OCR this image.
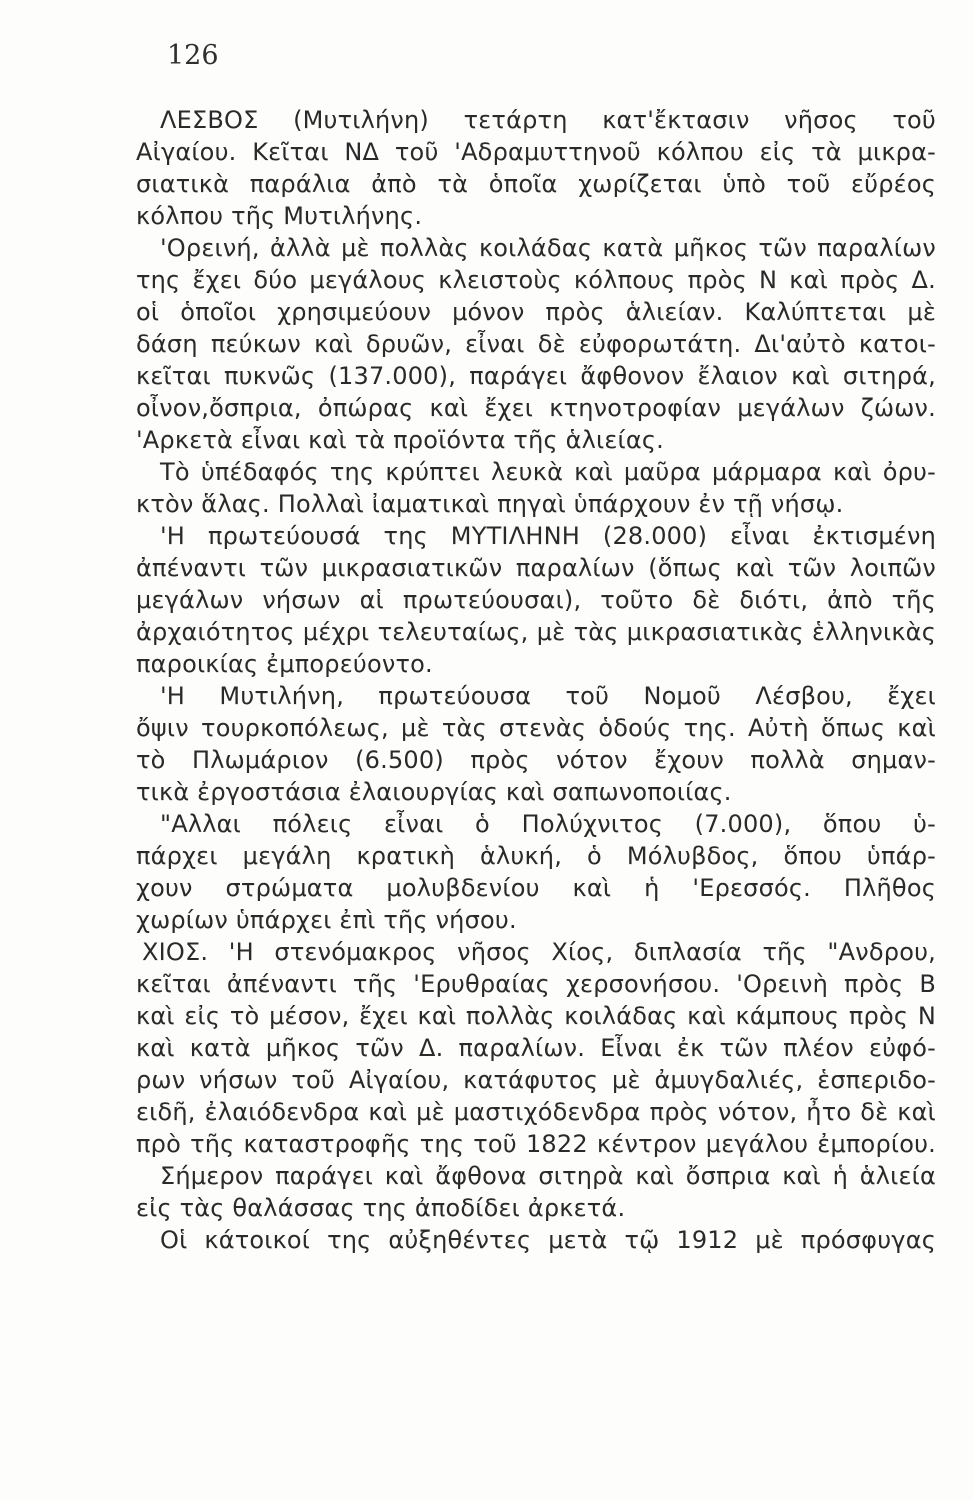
126
ΛΕΣΒΟΣ (Μυτιλήνη) τετάρτη κατ'ἔκτασιν νῆσος τοῦ
Αἰγαίου. Κεῖται ΝΔ τοῦ 'Αδραμυττηνοῦ κόλπου εἰς τὰ μικρα-
σιατικὰ παράλια ἀπὸ τὰ ὁποῖα χωρίζεται ὑπὸ τοῦ εὔρέος
κόλπου τῆς Μυτιλήνης.
'Ορεινή, ἀλλὰ μὲ πολλὰς κοιλάδας κατὰ μῆκος τῶν παραλίων
της ἔχει δύο μεγάλους κλειστοὺς κόλπους πρὸς Ν καὶ πρὸς Δ.
οἱ ὁποῖοι χρησιμεύουν μόνον πρὸς ἁλιείαν. Καλύπτεται μὲ
δάση πεύκων καὶ δρυῶν, εἶναι δὲ εὐφορωτάτη. Δι'αὐτὸ κατοι-
κεῖται πυκνῶς (137.000), παράγει ἄφθονον ἔλαιον καὶ σιτηρά,
οἶνον,ὄσπρια, ὀπώρας καὶ ἔχει κτηνοτροφίαν μεγάλων ζώων.
'Αρκετὰ εἶναι καὶ τὰ προϊόντα τῆς ἁλιείας.
Τὸ ὑπέδαφός της κρύπτει λευκὰ καὶ μαῦρα μάρμαρα καὶ ὀρυ-
κτὸν ἅλας. Πολλαὶ ἰαματικαὶ πηγαὶ ὑπάρχουν ἐν τῇ νήσῳ.
'Η πρωτεύουσά της ΜΥΤΙΛΗΝΗ (28.000) εἶναι ἐκτισμένη
ἀπέναντι τῶν μικρασιατικῶν παραλίων (ὅπως καὶ τῶν λοιπῶν
μεγάλων νήσων αἱ πρωτεύουσαι), τοῦτο δὲ διότι, ἀπὸ τῆς
ἀρχαιότητος μέχρι τελευταίως, μὲ τὰς μικρασιατικὰς ἑλληνικὰς
παροικίας ἐμπορεύοντο.
'Η Μυτιλήνη, πρωτεύουσα τοῦ Νομοῦ Λέσβου, ἔχει
ὄψιν τουρκοπόλεως, μὲ τὰς στενὰς ὁδούς της. Αὐτὴ ὅπως καὶ
τὸ Πλωμάριον (6.500) πρὸς νότον ἔχουν πολλὰ σημαν-
τικὰ ἐργοστάσια ἐλαιουργίας καὶ σαπωνοποιίας.
"Αλλαι πόλεις εἶναι ὁ Πολύχνιτος (7.000), ὅπου ὑ-
πάρχει μεγάλη κρατικὴ ἁλυκή, ὁ Μόλυβδος, ὅπου ὑπάρ-
χουν στρώματα μολυβδενίου καὶ ἡ 'Ερεσσός. Πλῆθος
χωρίων ὑπάρχει ἐπὶ τῆς νήσου.
ΧΙΟΣ. 'Η στενόμακρος νῆσος Χίος, διπλασία τῆς "Ανδρου,
κεῖται ἀπέναντι τῆς 'Ερυθραίας χερσονήσου. 'Ορεινὴ πρὸς Β
καὶ εἰς τὸ μέσον, ἔχει καὶ πολλὰς κοιλάδας καὶ κάμπους πρὸς Ν
καὶ κατὰ μῆκος τῶν Δ. παραλίων. Εἶναι ἐκ τῶν πλέον εὐφό-
ρων νήσων τοῦ Αἰγαίου, κατάφυτος μὲ ἀμυγδαλιές, ἑσπεριδο-
ειδῆ, ἐλαιόδενδρα καὶ μὲ μαστιχόδενδρα πρὸς νότον, ἦτο δὲ καὶ
πρὸ τῆς καταστροφῆς της τοῦ 1822 κέντρον μεγάλου ἐμπορίου.
Σήμερον παράγει καὶ ἄφθονα σιτηρὰ καὶ ὄσπρια καὶ ἡ ἁλιεία
εἰς τὰς θαλάσσας της ἀποδίδει ἀρκετά.
Οἱ κάτοικοί της αὐξηθέντες μετὰ τῷ 1912 μὲ πρόσφυγας
